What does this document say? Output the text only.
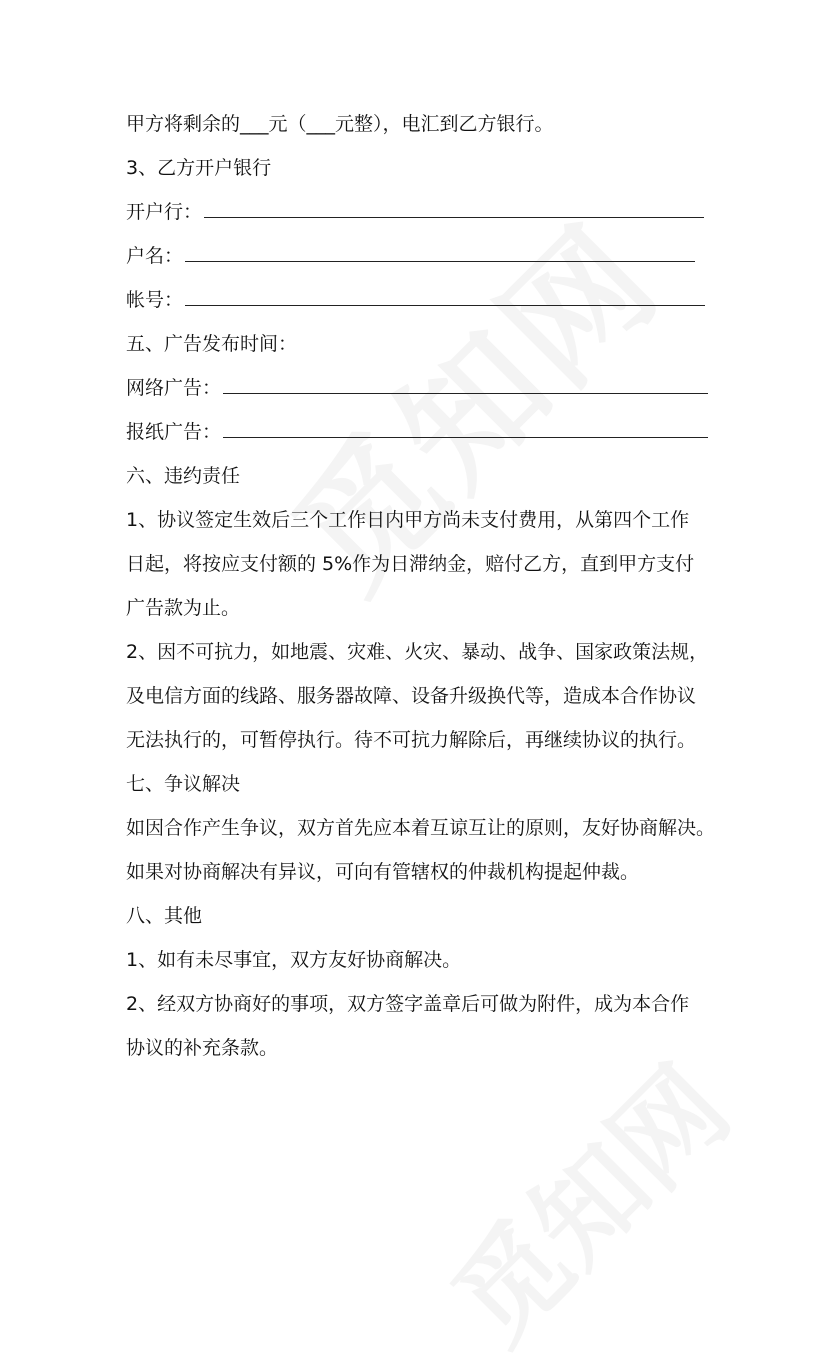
甲方将剩余的___元（___元整），电汇到乙方银行。
3、乙方开户银行
开户行：
户名：
帐号：
五、广告发布时间：
网络广告：
报纸广告：
六、违约责任
1、协议签定生效后三个工作日内甲方尚未支付费用，从第四个工作
日起，将按应支付额的 5%作为日滞纳金，赔付乙方，直到甲方支付
广告款为止。
2、因不可抗力，如地震、灾难、火灾、暴动、战争、国家政策法规，
及电信方面的线路、服务器故障、设备升级换代等，造成本合作协议
无法执行的，可暂停执行。待不可抗力解除后，再继续协议的执行。
七、争议解决
如因合作产生争议，双方首先应本着互谅互让的原则，友好协商解决。
如果对协商解决有异议，可向有管辖权的仲裁机构提起仲裁。
八、其他
1、如有未尽事宜，双方友好协商解决。
2、经双方协商好的事项，双方签字盖章后可做为附件，成为本合作
协议的补充条款。
